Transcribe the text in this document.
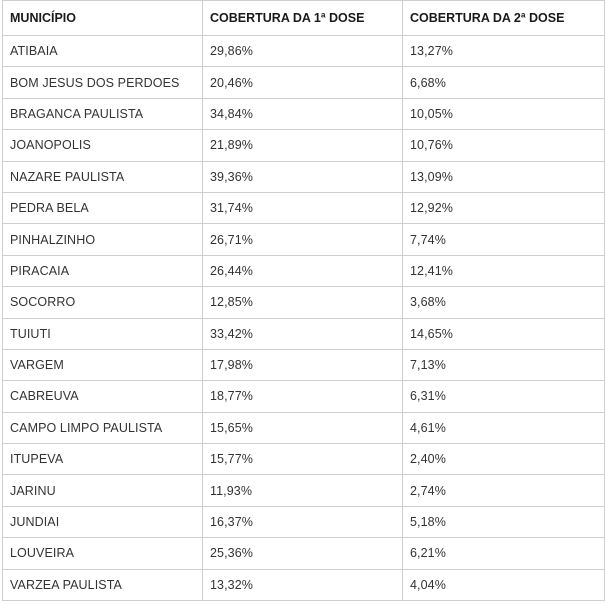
MUNICÍPIO	COBERTURA DA 1ª DOSE	COBERTURA DA 2ª DOSE
ATIBAIA	29,86%	13,27%
BOM JESUS DOS PERDOES	20,46%	6,68%
BRAGANCA PAULISTA	34,84%	10,05%
JOANOPOLIS	21,89%	10,76%
NAZARE PAULISTA	39,36%	13,09%
PEDRA BELA	31,74%	12,92%
PINHALZINHO	26,71%	7,74%
PIRACAIA	26,44%	12,41%
SOCORRO	12,85%	3,68%
TUIUTI	33,42%	14,65%
VARGEM	17,98%	7,13%
CABREUVA	18,77%	6,31%
CAMPO LIMPO PAULISTA	15,65%	4,61%
ITUPEVA	15,77%	2,40%
JARINU	11,93%	2,74%
JUNDIAI	16,37%	5,18%
LOUVEIRA	25,36%	6,21%
VARZEA PAULISTA	13,32%	4,04%
